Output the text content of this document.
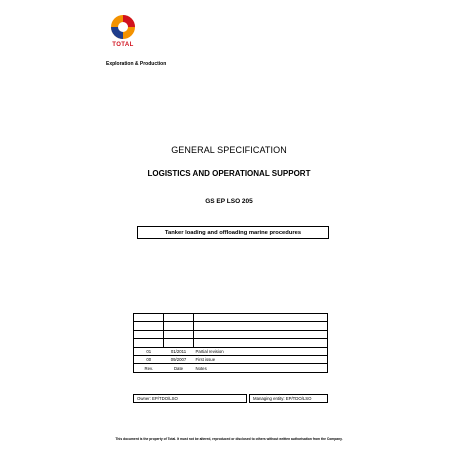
TOTAL
Exploration & Production
GENERAL SPECIFICATION
LOGISTICS AND OPERATIONAL SUPPORT
GS EP LSO 205
Tanker loading and offloading marine procedures

01	01/2011	Partial revision
00	09/2007	First issue
Rev.	Date	Notes
Owner: EP/TDO/LSO	Managing entity: EP/TDO/LSO
This document is the property of Total. It must not be altered, reproduced or disclosed to others without written authorisation from the Company.
